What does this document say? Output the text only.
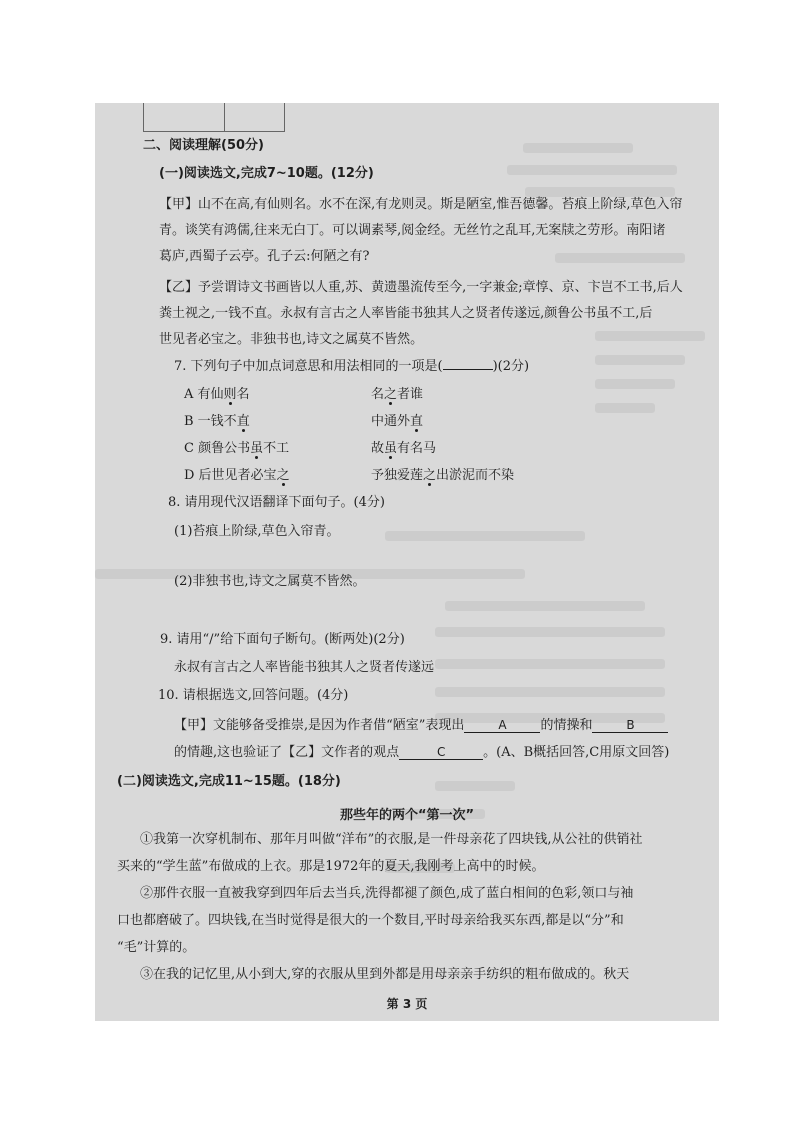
二、阅读理解(50分)
(一)阅读选文,完成7~10题。(12分)
【甲】山不在高,有仙则名。水不在深,有龙则灵。斯是陋室,惟吾德馨。苔痕上阶绿,草色入帘
青。谈笑有鸿儒,往来无白丁。可以调素琴,阅金经。无丝竹之乱耳,无案牍之劳形。南阳诸
葛庐,西蜀子云亭。孔子云:何陋之有?
【乙】予尝谓诗文书画皆以人重,苏、黄遗墨流传至今,一字兼金;章惇、京、卞岂不工书,后人
粪土视之,一钱不直。永叔有言古之人率皆能书独其人之贤者传遂远,颜鲁公书虽不工,后
世见者必宝之。非独书也,诗文之属莫不皆然。
7. 下列句子中加点词意思和用法相同的一项是(	)(2分)
A 有仙则名	名之者谁
B 一钱不直	中通外直
C 颜鲁公书虽不工	故虽有名马
D 后世见者必宝之	予独爱莲之出淤泥而不染
8. 请用现代汉语翻译下面句子。(4分)
(1)苔痕上阶绿,草色入帘青。
(2)非独书也,诗文之属莫不皆然。
9. 请用“/”给下面句子断句。(断两处)(2分)
永叔有言古之人率皆能书独其人之贤者传遂远
10. 请根据选文,回答问题。(4分)
【甲】文能够备受推崇,是因为作者借“陋室”表现出	A	的情操和	B
的情趣,这也验证了【乙】文作者的观点	C	。(A、B概括回答,C用原文回答)
(二)阅读选文,完成11~15题。(18分)
那些年的两个“第一次”
①我第一次穿机制布、那年月叫做“洋布”的衣服,是一件母亲花了四块钱,从公社的供销社
买来的“学生蓝”布做成的上衣。那是1972年的夏天,我刚考上高中的时候。
②那件衣服一直被我穿到四年后去当兵,洗得都褪了颜色,成了蓝白相间的色彩,领口与袖
口也都磨破了。四块钱,在当时觉得是很大的一个数目,平时母亲给我买东西,都是以“分”和
“毛”计算的。
③在我的记忆里,从小到大,穿的衣服从里到外都是用母亲亲手纺织的粗布做成的。秋天
第 3 页
